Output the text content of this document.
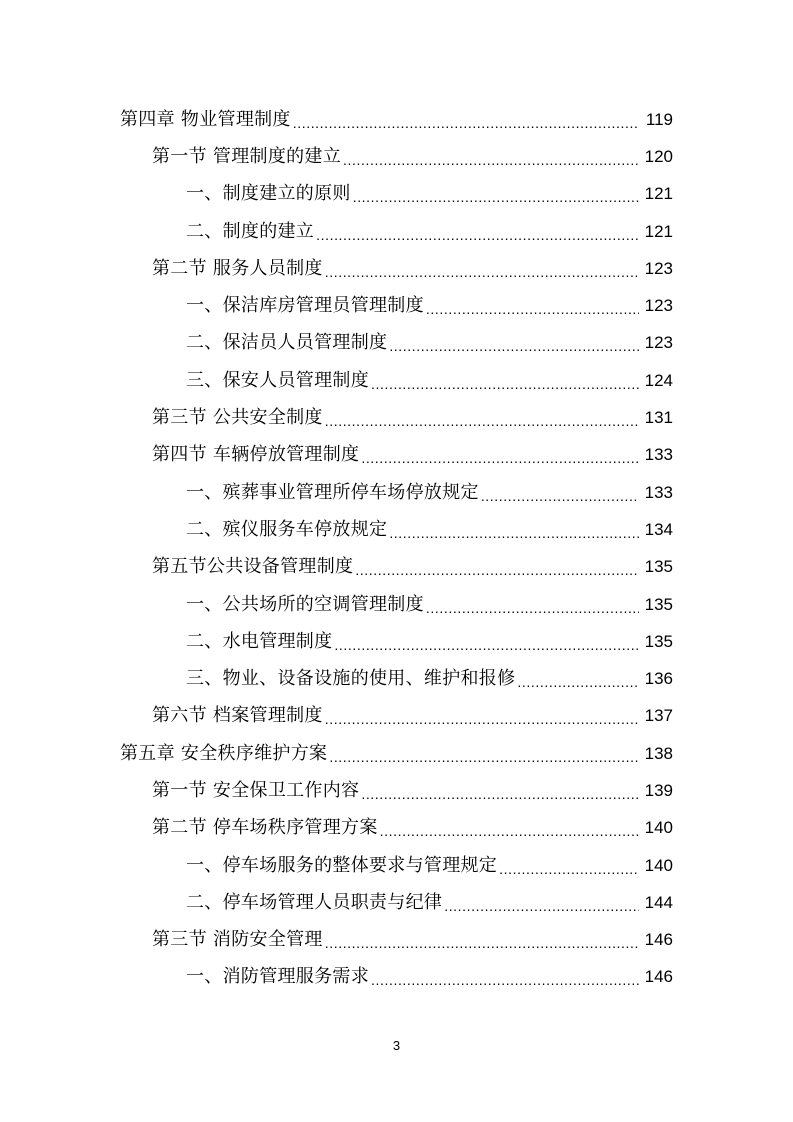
第四章 物业管理制度 .....	119
第一节 管理制度的建立 .....	120
一、制度建立的原则 .....	121
二、制度的建立 .....	121
第二节 服务人员制度 .....	123
一、保洁库房管理员管理制度 .....	123
二、保洁员人员管理制度 .....	123
三、保安人员管理制度 .....	124
第三节 公共安全制度 .....	131
第四节 车辆停放管理制度 .....	133
一、殡葬事业管理所停车场停放规定 .....	133
二、殡仪服务车停放规定 .....	134
第五节公共设备管理制度 .....	135
一、公共场所的空调管理制度 .....	135
二、水电管理制度 .....	135
三、物业、设备设施的使用、维护和报修 .....	136
第六节 档案管理制度 .....	137
第五章 安全秩序维护方案 .....	138
第一节 安全保卫工作内容 .....	139
第二节 停车场秩序管理方案 .....	140
一、停车场服务的整体要求与管理规定 .....	140
二、停车场管理人员职责与纪律 .....	144
第三节 消防安全管理 .....	146
一、消防管理服务需求 .....	146
3
